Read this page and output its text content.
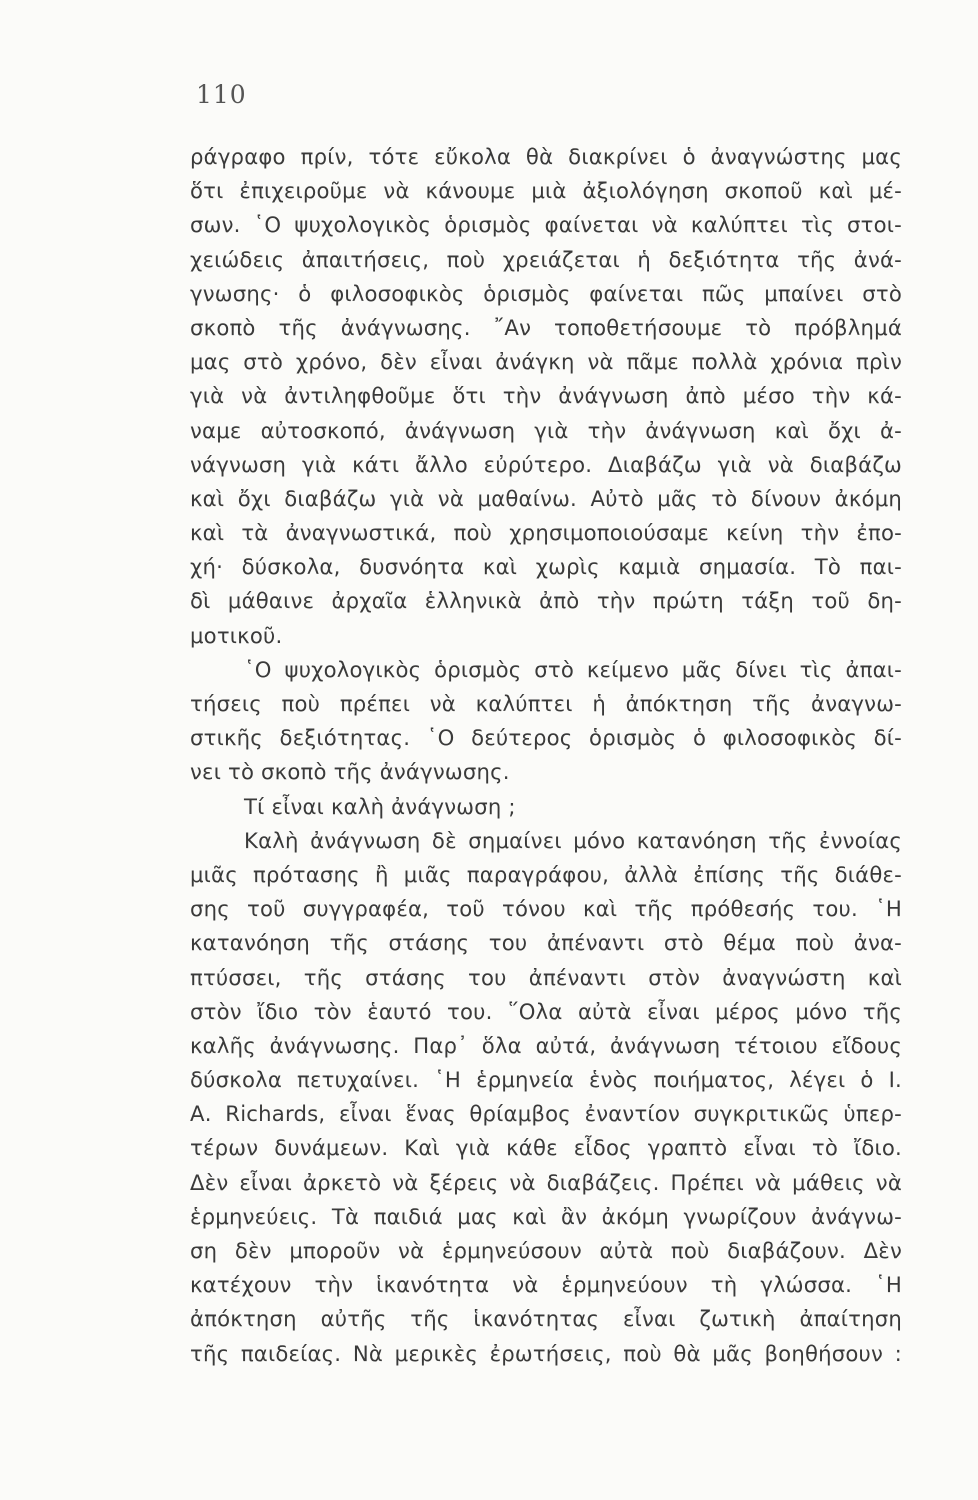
110
ράγραφο πρίν, τότε εὔκολα θὰ διακρίνει ὁ ἀναγνώστης μας
ὅτι ἐπιχειροῦμε νὰ κάνουμε μιὰ ἀξιολόγηση σκοποῦ καὶ μέ-
σων. ῾Ο ψυχολογικὸς ὁρισμὸς φαίνεται νὰ καλύπτει τὶς στοι-
χειώδεις ἀπαιτήσεις, ποὺ χρειάζεται ἡ δεξιότητα τῆς ἀνά-
γνωσης· ὁ φιλοσοφικὸς ὁρισμὸς φαίνεται πῶς μπαίνει στὸ
σκοπὸ τῆς ἀνάγνωσης. ῎Αν τοποθετήσουμε τὸ πρόβλημά
μας στὸ χρόνο, δὲν εἶναι ἀνάγκη νὰ πᾶμε πολλὰ χρόνια πρὶν
γιὰ νὰ ἀντιληφθοῦμε ὅτι τὴν ἀνάγνωση ἀπὸ μέσο τὴν κά-
ναμε αὐτοσκοπό, ἀνάγνωση γιὰ τὴν ἀνάγνωση καὶ ὄχι ἀ-
νάγνωση γιὰ κάτι ἄλλο εὐρύτερο. Διαβάζω γιὰ νὰ διαβάζω
καὶ ὄχι διαβάζω γιὰ νὰ μαθαίνω. Αὐτὸ μᾶς τὸ δίνουν ἀκόμη
καὶ τὰ ἀναγνωστικά, ποὺ χρησιμοποιούσαμε κείνη τὴν ἐπο-
χή· δύσκολα, δυσνόητα καὶ χωρὶς καμιὰ σημασία. Τὸ παι-
δὶ μάθαινε ἀρχαῖα ἑλληνικὰ ἀπὸ τὴν πρώτη τάξη τοῦ δη-
μοτικοῦ.
῾Ο ψυχολογικὸς ὁρισμὸς στὸ κείμενο μᾶς δίνει τὶς ἀπαι-
τήσεις ποὺ πρέπει νὰ καλύπτει ἡ ἀπόκτηση τῆς ἀναγνω-
στικῆς δεξιότητας. ῾Ο δεύτερος ὁρισμὸς ὁ φιλοσοφικὸς δί-
νει τὸ σκοπὸ τῆς ἀνάγνωσης.
Τί εἶναι καλὴ ἀνάγνωση ;
Καλὴ ἀνάγνωση δὲ σημαίνει μόνο κατανόηση τῆς ἐννοίας
μιᾶς πρότασης ἢ μιᾶς παραγράφου, ἀλλὰ ἐπίσης τῆς διάθε-
σης τοῦ συγγραφέα, τοῦ τόνου καὶ τῆς πρόθεσής του. ῾Η
κατανόηση τῆς στάσης του ἀπέναντι στὸ θέμα ποὺ ἀνα-
πτύσσει, τῆς στάσης του ἀπέναντι στὸν ἀναγνώστη καὶ
στὸν ἴδιο τὸν ἑαυτό του. ῞Ολα αὐτὰ εἶναι μέρος μόνο τῆς
καλῆς ἀνάγνωσης. Παρ᾽ ὅλα αὐτά, ἀνάγνωση τέτοιου εἴδους
δύσκολα πετυχαίνει. ῾Η ἑρμηνεία ἑνὸς ποιήματος, λέγει ὁ Ι.
Α. Richards, εἶναι ἕνας θρίαμβος ἐναντίον συγκριτικῶς ὑπερ-
τέρων δυνάμεων. Καὶ γιὰ κάθε εἶδος γραπτὸ εἶναι τὸ ἴδιο.
Δὲν εἶναι ἀρκετὸ νὰ ξέρεις νὰ διαβάζεις. Πρέπει νὰ μάθεις νὰ
ἑρμηνεύεις. Τὰ παιδιά μας καὶ ἂν ἀκόμη γνωρίζουν ἀνάγνω-
ση δὲν μποροῦν νὰ ἑρμηνεύσουν αὐτὰ ποὺ διαβάζουν. Δὲν
κατέχουν τὴν ἱκανότητα νὰ ἑρμηνεύουν τὴ γλώσσα. ῾Η
ἀπόκτηση αὐτῆς τῆς ἱκανότητας εἶναι ζωτικὴ ἀπαίτηση
τῆς παιδείας. Νὰ μερικὲς ἐρωτήσεις, ποὺ θὰ μᾶς βοηθήσουν :
